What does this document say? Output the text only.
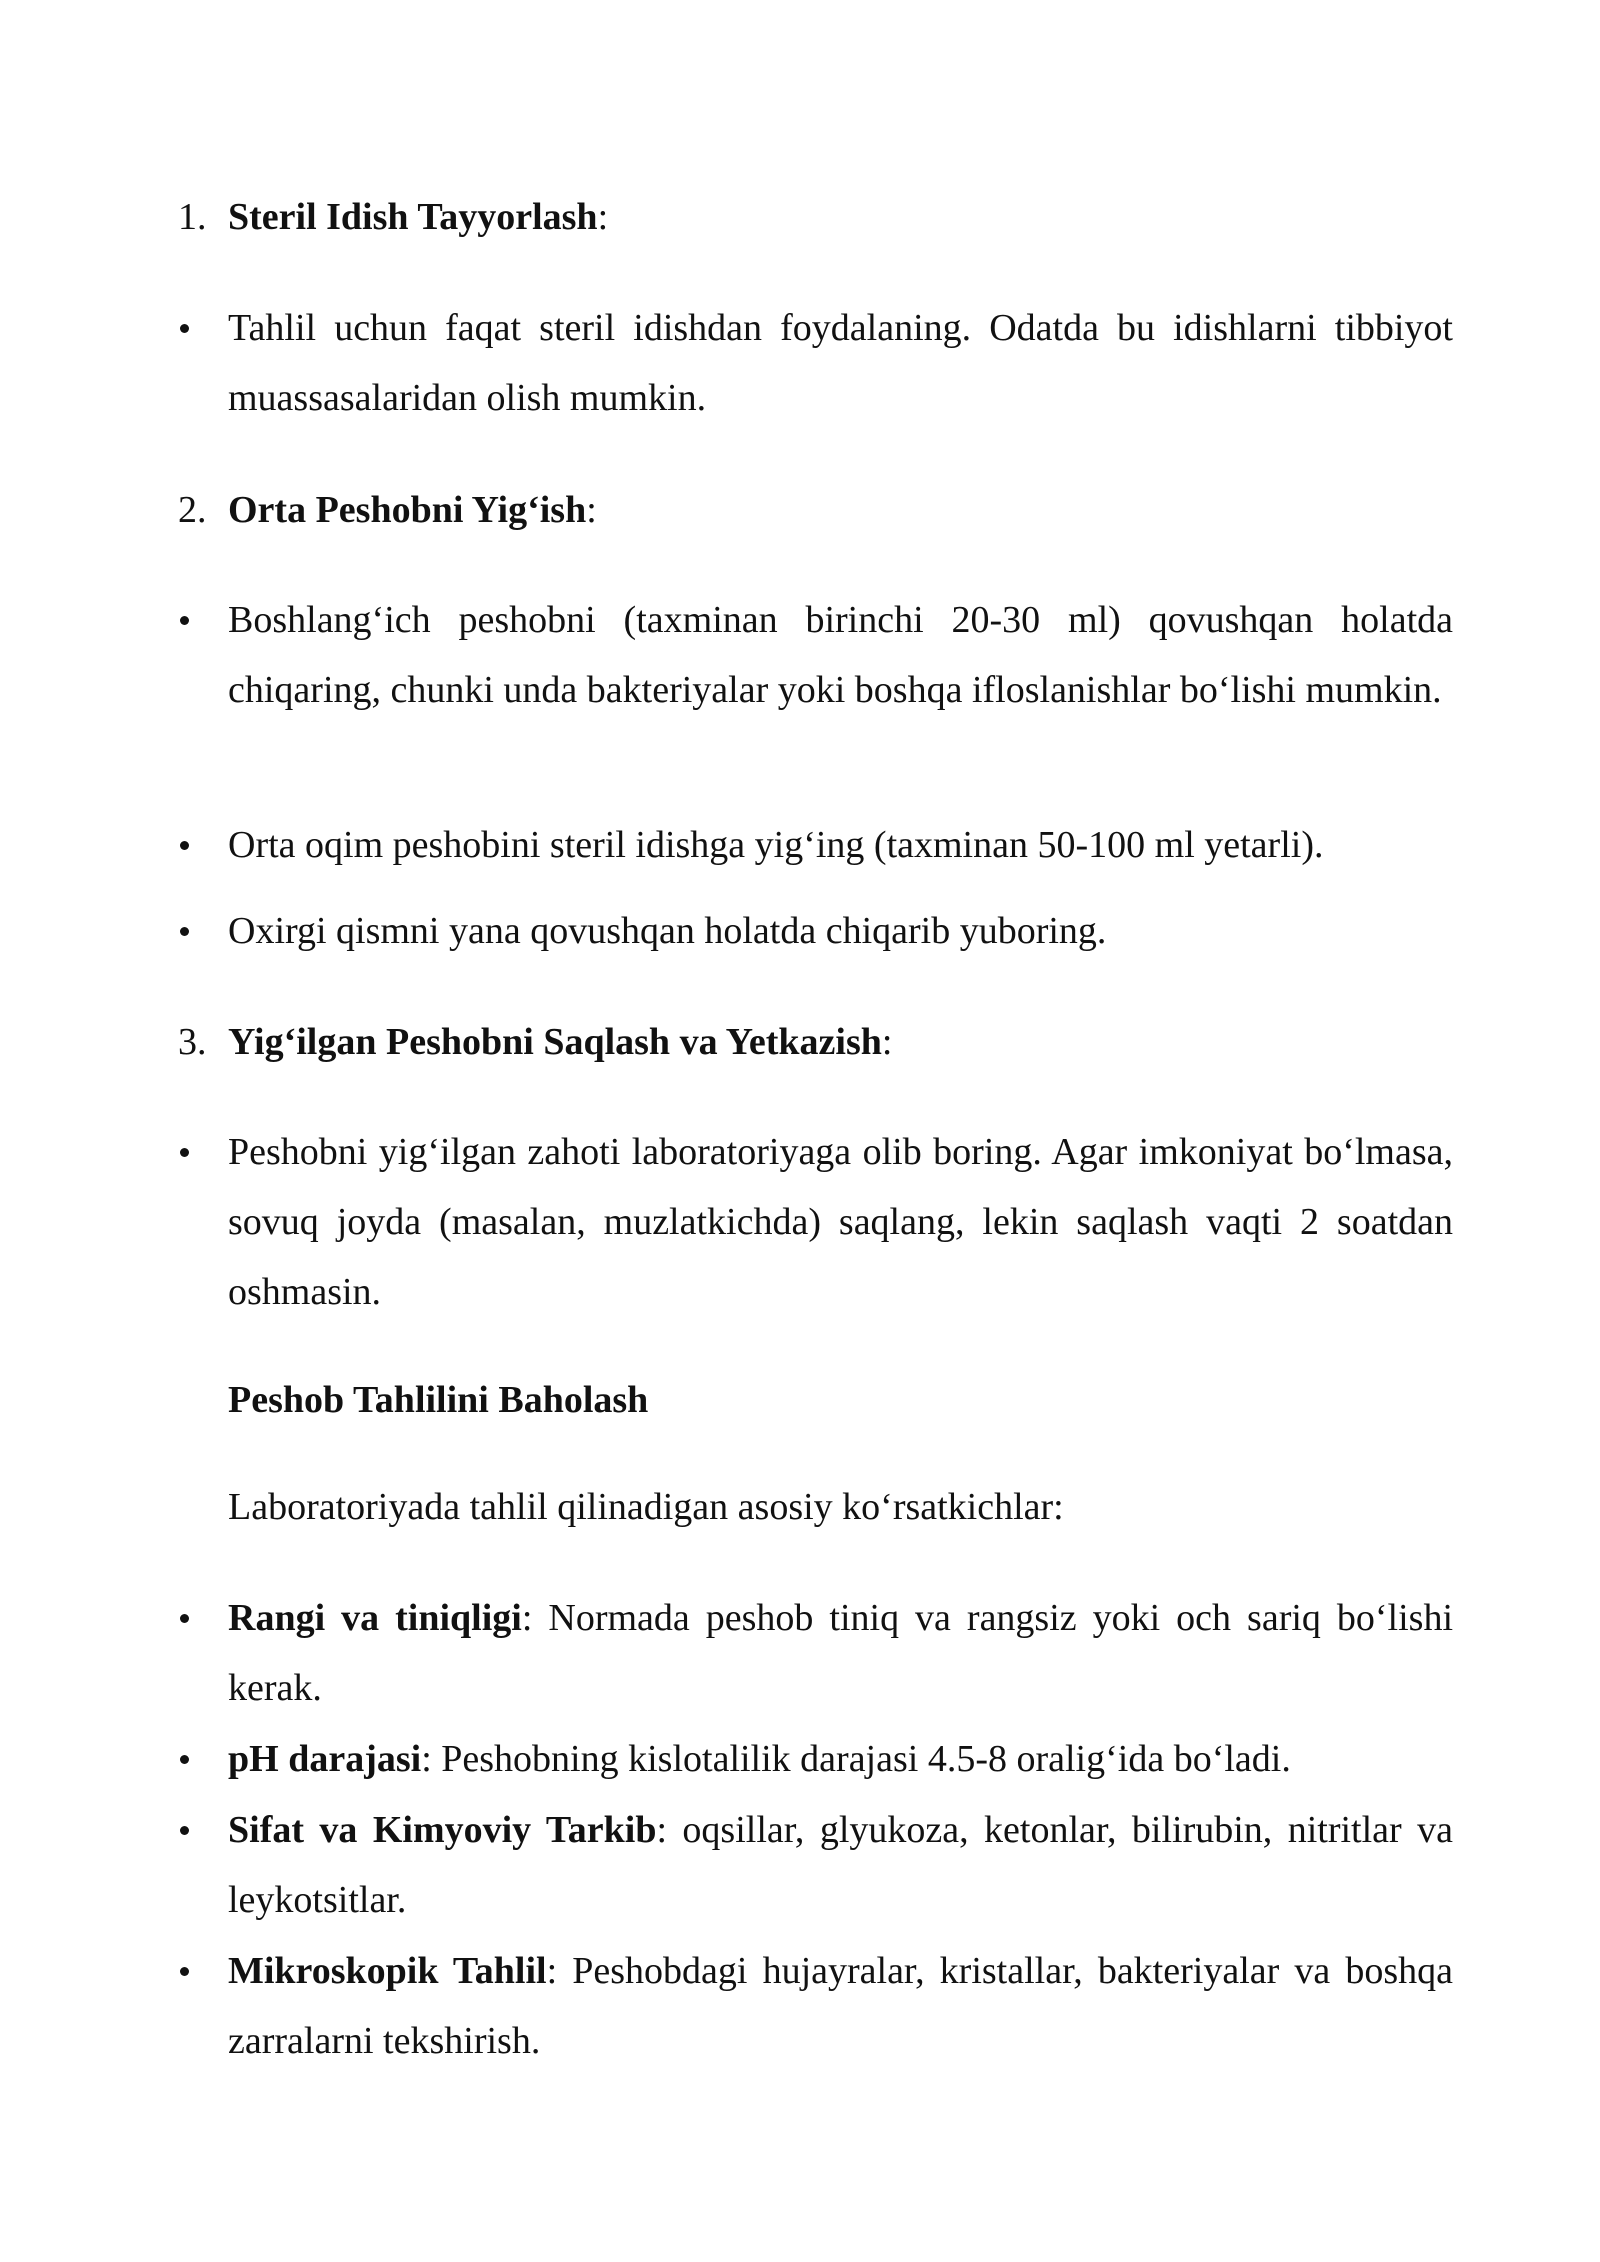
1. Steril Idish Tayyorlash:
Tahlil uchun faqat steril idishdan foydalaning. Odatda bu idishlarni tibbiyot muassasalaridan olish mumkin.
2. Orta Peshobni Yig‘ish:
Boshlang‘ich peshobni (taxminan birinchi 20-30 ml) qovushqan holatda chiqaring, chunki unda bakteriyalar yoki boshqa ifloslanishlar bo‘lishi mumkin.
Orta oqim peshobini steril idishga yig‘ing (taxminan 50-100 ml yetarli).
Oxirgi qismni yana qovushqan holatda chiqarib yuboring.
3. Yig‘ilgan Peshobni Saqlash va Yetkazish:
Peshobni yig‘ilgan zahoti laboratoriyaga olib boring. Agar imkoniyat bo‘lmasa, sovuq joyda (masalan, muzlatkichda) saqlang, lekin saqlash vaqti 2 soatdan oshmasin.
Peshob Tahlilini Baholash
Laboratoriyada tahlil qilinadigan asosiy ko‘rsatkichlar:
Rangi va tiniqligi: Normada peshob tiniq va rangsiz yoki och sariq bo‘lishi kerak.
pH darajasi: Peshobning kislotalilik darajasi 4.5-8 oralig‘ida bo‘ladi.
Sifat va Kimyoviy Tarkib: oqsillar, glyukoza, ketonlar, bilirubin, nitritlar va leykotsitlar.
Mikroskopik Tahlil: Peshobdagi hujayralar, kristallar, bakteriyalar va boshqa zarralarni tekshirish.
